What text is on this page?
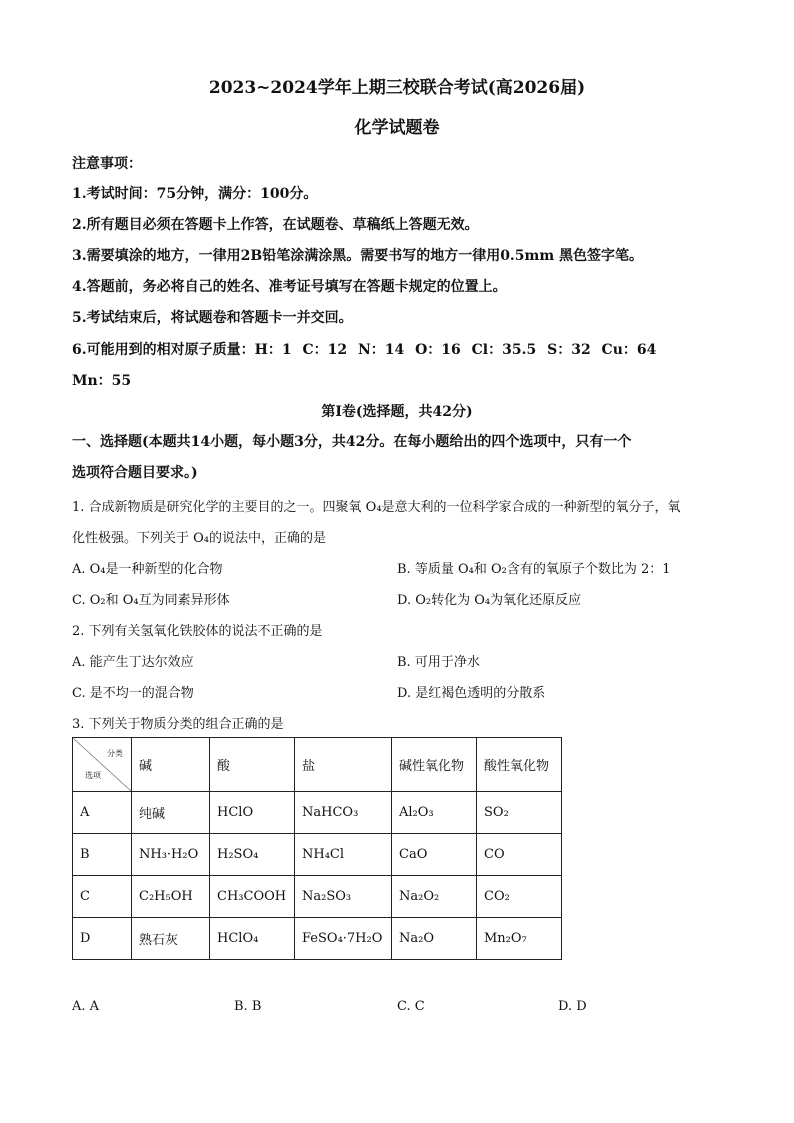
2023~2024学年上期三校联合考试(高2026届)
化学试题卷
注意事项：
1.考试时间：75分钟，满分：100分。
2.所有题目必须在答题卡上作答，在试题卷、草稿纸上答题无效。
3.需要填涂的地方，一律用2B铅笔涂满涂黑。需要书写的地方一律用0.5mm 黑色签字笔。
4.答题前，务必将自己的姓名、准考证号填写在答题卡规定的位置上。
5.考试结束后，将试题卷和答题卡一并交回。
6.可能用到的相对原子质量：H：1 C：12 N：14 O：16 Cl：35.5 S：32 Cu：64
Mn：55
第I卷(选择题，共42分)
一、选择题(本题共14小题，每小题3分，共42分。在每小题给出的四个选项中，只有一个
选项符合题目要求。)
1. 合成新物质是研究化学的主要目的之一。四聚氧 O₄是意大利的一位科学家合成的一种新型的氧分子，氧
化性极强。下列关于 O₄的说法中，正确的是
A. O₄是一种新型的化合物	B. 等质量 O₄和 O₂含有的氧原子个数比为 2：1
C. O₂和 O₄互为同素异形体	D. O₂转化为 O₄为氧化还原反应
2. 下列有关氢氧化铁胶体的说法不正确的是
A. 能产生丁达尔效应	B. 可用于净水
C. 是不均一的混合物	D. 是红褐色透明的分散系
3. 下列关于物质分类的组合正确的是
分类
选项	碱	酸	盐	碱性氧化物	酸性氧化物
A	纯碱	HClO	NaHCO₃	Al₂O₃	SO₂
B	NH₃·H₂O	H₂SO₄	NH₄Cl	CaO	CO
C	C₂H₅OH	CH₃COOH	Na₂SO₃	Na₂O₂	CO₂
D	熟石灰	HClO₄	FeSO₄·7H₂O	Na₂O	Mn₂O₇
A. A	B. B	C. C	D. D
